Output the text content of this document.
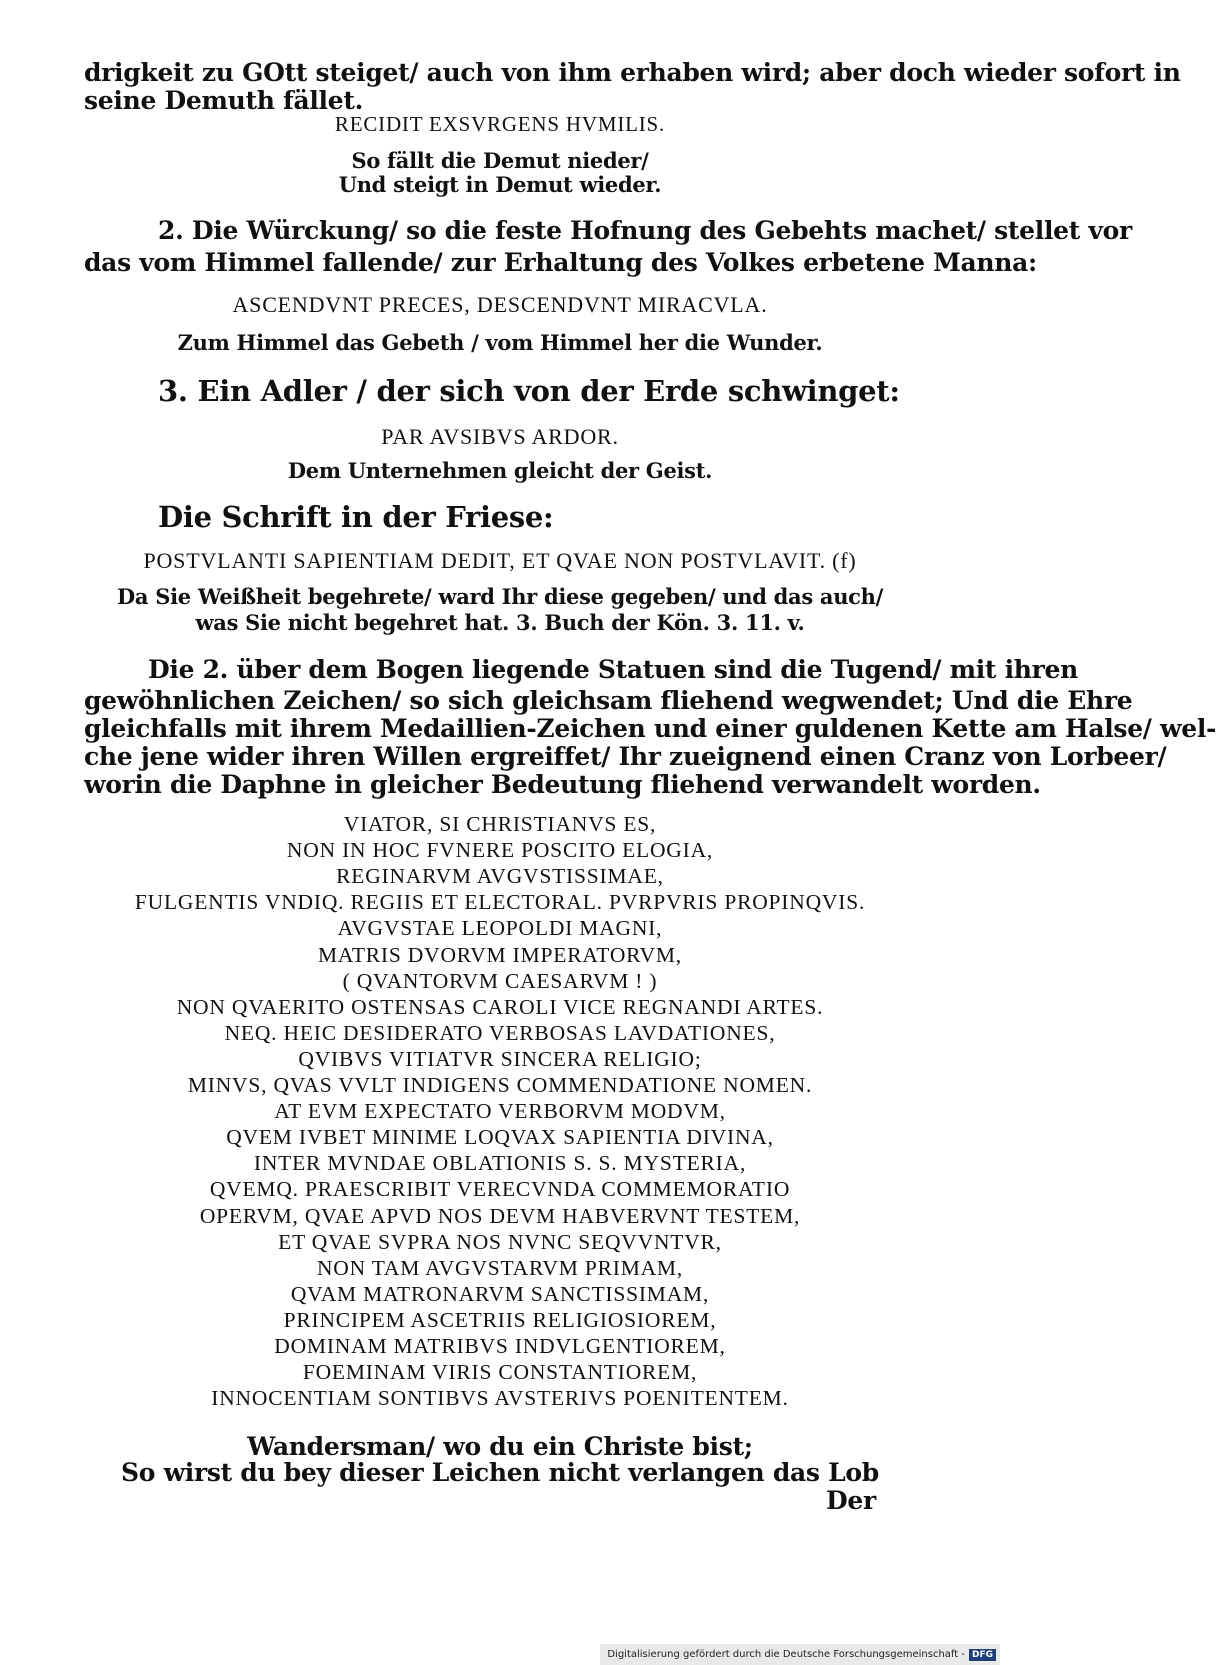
drigkeit zu GOtt steiget/ auch von ihm erhaben wird; aber doch wieder sofort in
seine Demuth fället.
RECIDIT EXSVRGENS HVMILIS.
So fällt die Demut nieder/
Und steigt in Demut wieder.
2. Die Würckung/ so die feste Hofnung des Gebehts machet/ stellet vor
das vom Himmel fallende/ zur Erhaltung des Volkes erbetene Manna:
ASCENDVNT PRECES, DESCENDVNT MIRACVLA.
Zum Himmel das Gebeth / vom Himmel her die Wunder.
3. Ein Adler / der sich von der Erde schwinget:
PAR AVSIBVS ARDOR.
Dem Unternehmen gleicht der Geist.
Die Schrift in der Friese:
POSTVLANTI SAPIENTIAM DEDIT, ET QVAE NON POSTVLAVIT. (f)
Da Sie Weißheit begehrete/ ward Ihr diese gegeben/ und das auch/
was Sie nicht begehret hat. 3. Buch der Kön. 3. 11. v.
Die 2. über dem Bogen liegende Statuen sind die Tugend/ mit ihren
gewöhnlichen Zeichen/ so sich gleichsam fliehend wegwendet; Und die Ehre
gleichfalls mit ihrem Medaillien-Zeichen und einer guldenen Kette am Halse/ wel-
che jene wider ihren Willen ergreiffet/ Ihr zueignend einen Cranz von Lorbeer/
worin die Daphne in gleicher Bedeutung fliehend verwandelt worden.
VIATOR, SI CHRISTIANVS ES,
NON IN HOC FVNERE POSCITO ELOGIA,
REGINARVM AVGVSTISSIMAE,
FULGENTIS VNDIQ. REGIIS ET ELECTORAL. PVRPVRIS PROPINQVIS.
AVGVSTAE LEOPOLDI MAGNI,
MATRIS DVORVM IMPERATORVM,
( QVANTORVM CAESARVM ! )
NON QVAERITO OSTENSAS CAROLI VICE REGNANDI ARTES.
NEQ. HEIC DESIDERATO VERBOSAS LAVDATIONES,
QVIBVS VITIATVR SINCERA RELIGIO;
MINVS, QVAS VVLT INDIGENS COMMENDATIONE NOMEN.
AT EVM EXPECTATO VERBORVM MODVM,
QVEM IVBET MINIME LOQVAX SAPIENTIA DIVINA,
INTER MVNDAE OBLATIONIS S. S. MYSTERIA,
QVEMQ. PRAESCRIBIT VERECVNDA COMMEMORATIO
OPERVM, QVAE APVD NOS DEVM HABVERVNT TESTEM,
ET QVAE SVPRA NOS NVNC SEQVVNTVR,
NON TAM AVGVSTARVM PRIMAM,
QVAM MATRONARVM SANCTISSIMAM,
PRINCIPEM ASCETRIIS RELIGIOSIOREM,
DOMINAM MATRIBVS INDVLGENTIOREM,
FOEMINAM VIRIS CONSTANTIOREM,
INNOCENTIAM SONTIBVS AVSTERIVS POENITENTEM.
Wandersman/ wo du ein Christe bist;
So wirst du bey dieser Leichen nicht verlangen das Lob
Der
Digitalisierung gefördert durch die Deutsche Forschungsgemeinschaft - DFG
